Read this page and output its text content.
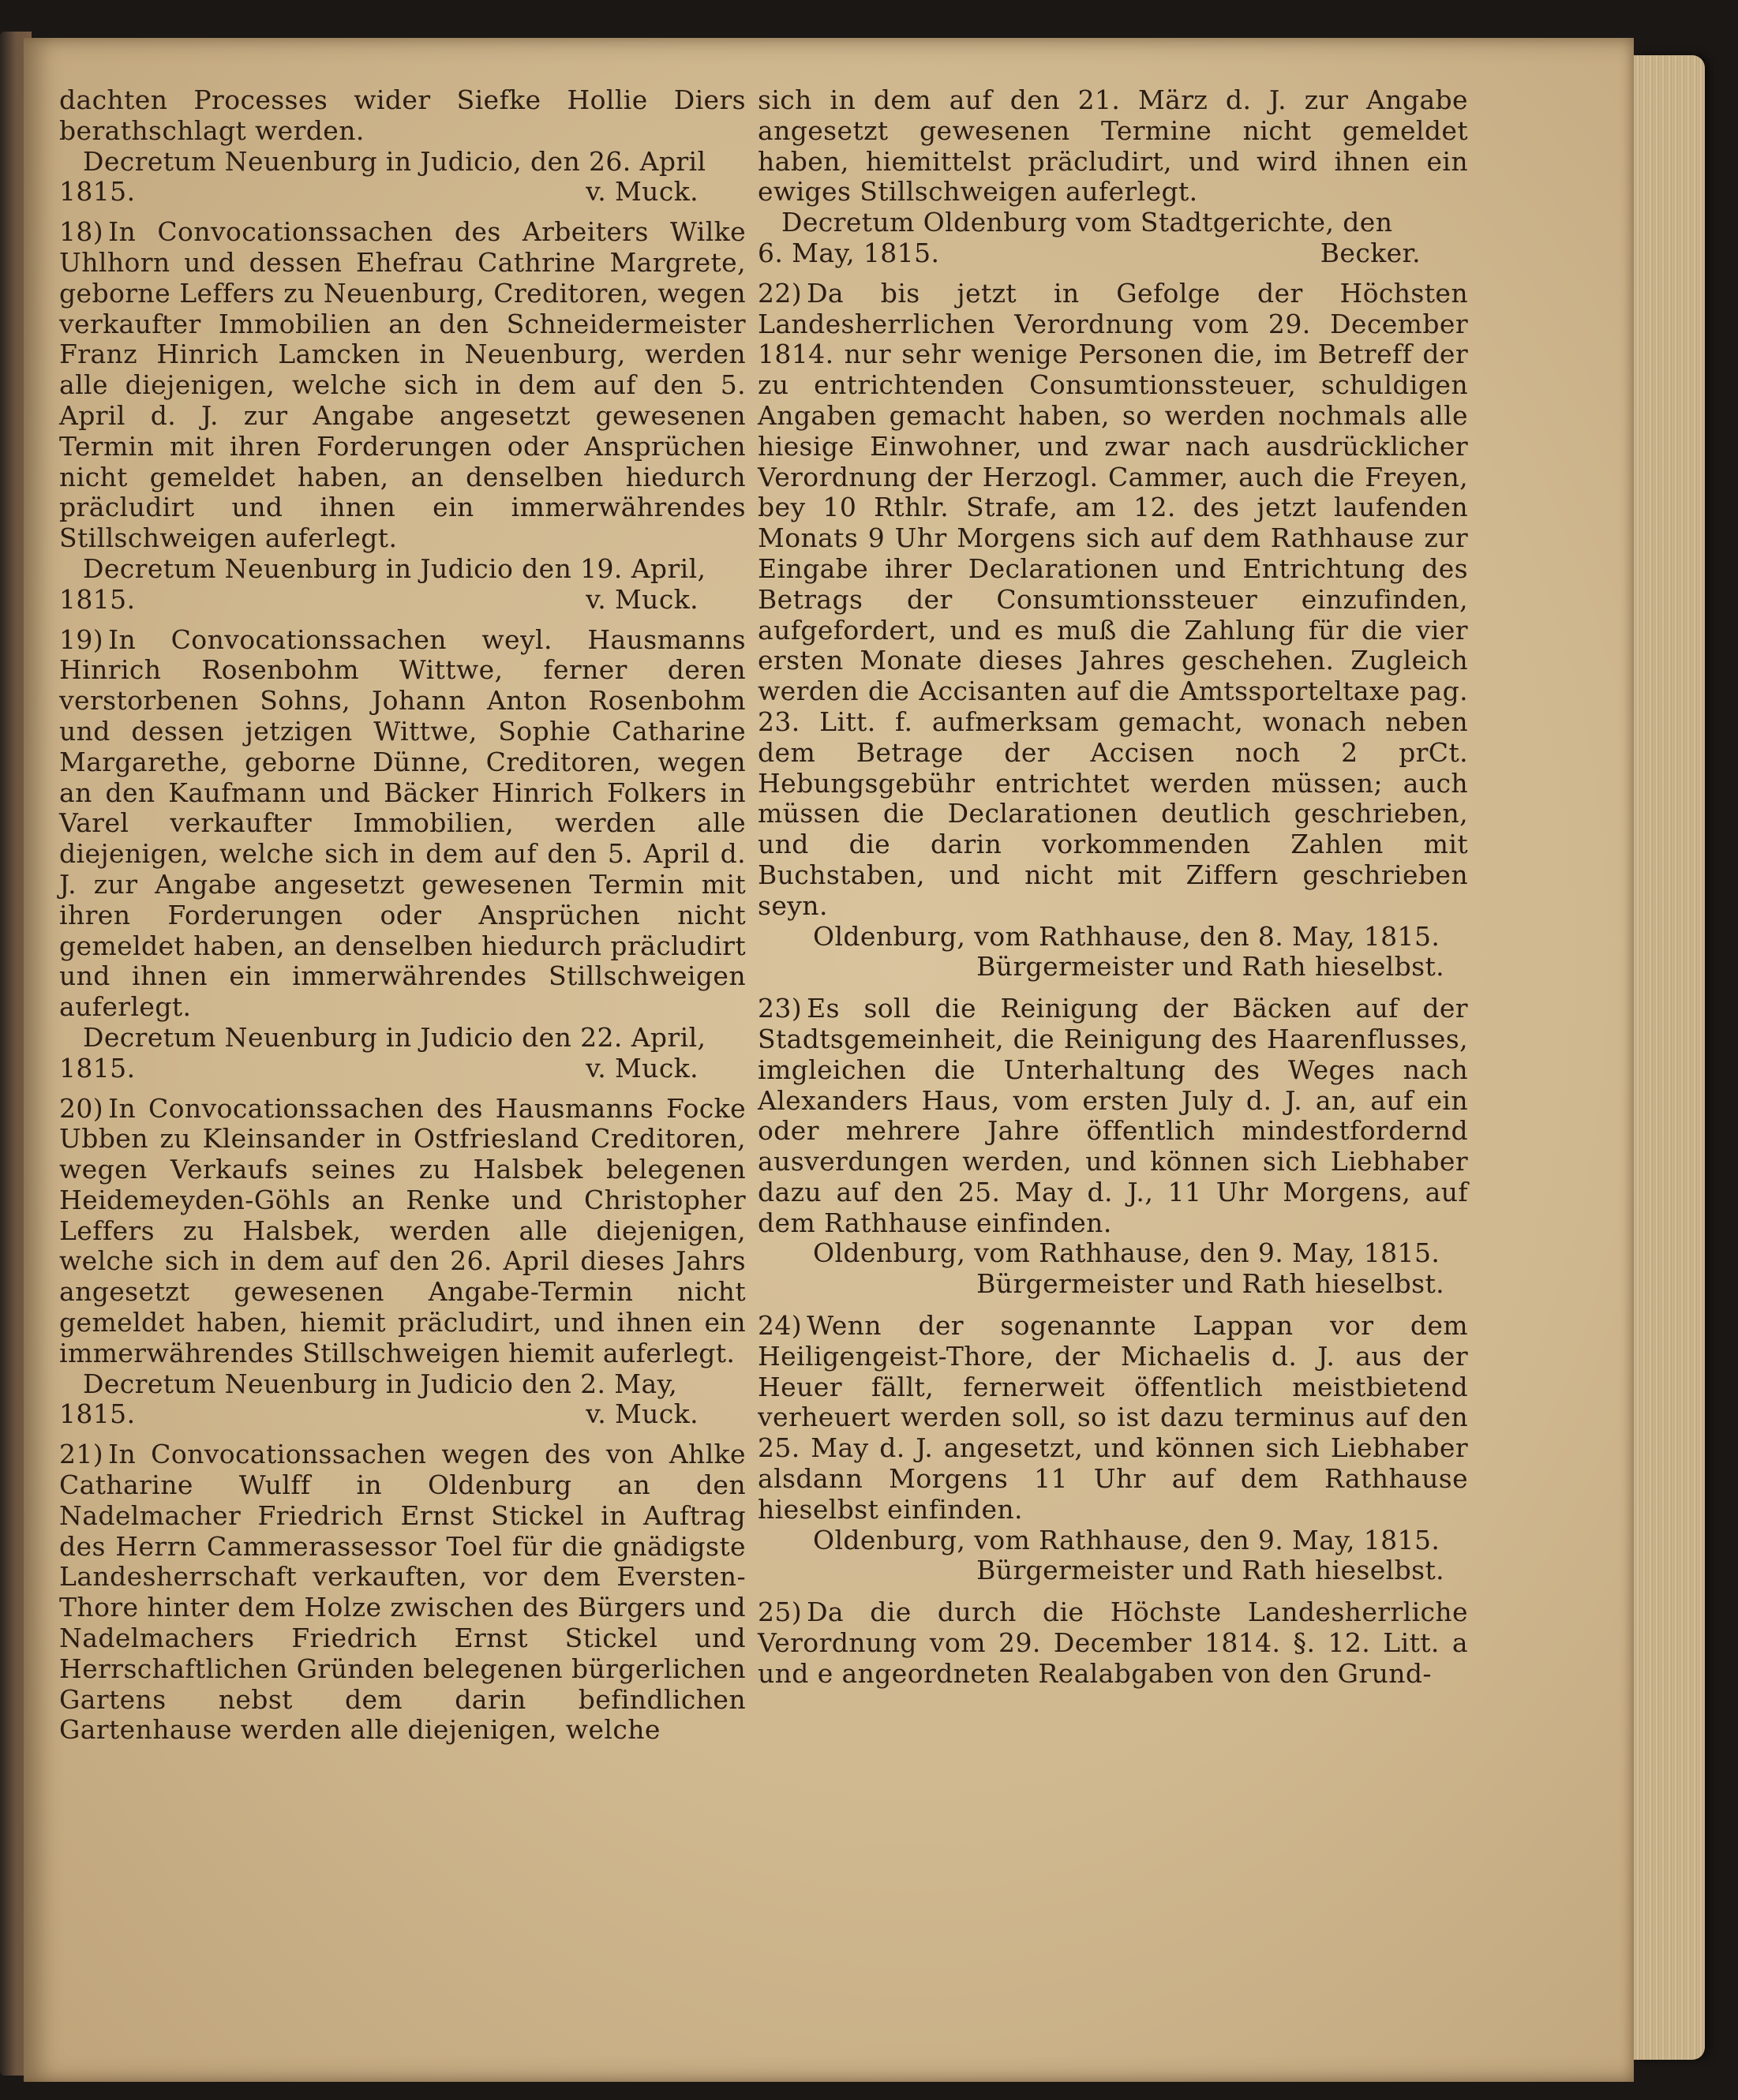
dachten Processes wider Siefke Hollie Diers berathschlagt werden.

Decretum Neuenburg in Judicio, den 26. April
1815.	v. Muck.
18) In Convocationssachen des Arbeiters Wilke Uhlhorn und dessen Ehefrau Cathrine Margrete, geborne Leffers zu Neuenburg, Creditoren, wegen verkaufter Immobilien an den Schneidermeister Franz Hinrich Lamcken in Neuenburg, werden alle diejenigen, welche sich in dem auf den 5. April d. J. zur Angabe angesetzt gewesenen Termin mit ihren Forderungen oder Ansprüchen nicht gemeldet haben, an denselben hiedurch präcludirt und ihnen ein immerwährendes Stillschweigen auferlegt.
Decretum Neuenburg in Judicio den 19. April,
1815.	v. Muck.
19) In Convocationssachen weyl. Hausmanns Hinrich Rosenbohm Wittwe, ferner deren verstorbenen Sohns, Johann Anton Rosenbohm und dessen jetzigen Wittwe, Sophie Catharine Margarethe, geborne Dünne, Creditoren, wegen an den Kaufmann und Bäcker Hinrich Folkers in Varel verkaufter Immobilien, werden alle diejenigen, welche sich in dem auf den 5. April d. J. zur Angabe angesetzt gewesenen Termin mit ihren Forderungen oder Ansprüchen nicht gemeldet haben, an denselben hiedurch präcludirt und ihnen ein immerwährendes Stillschweigen auferlegt.
Decretum Neuenburg in Judicio den 22. April,
1815.	v. Muck.
20) In Convocationssachen des Hausmanns Focke Ubben zu Kleinsander in Ostfriesland Creditoren, wegen Verkaufs seines zu Halsbek belegenen Heidemeyden-Göhls an Renke und Christopher Leffers zu Halsbek, werden alle diejenigen, welche sich in dem auf den 26. April dieses Jahrs angesetzt gewesenen Angabe-Termin nicht gemeldet haben, hiemit präcludirt, und ihnen ein immerwährendes Stillschweigen hiemit auferlegt.
Decretum Neuenburg in Judicio den 2. May,
1815.	v. Muck.
21) In Convocationssachen wegen des von Ahlke Catharine Wulff in Oldenburg an den Nadelmacher Friedrich Ernst Stickel in Auftrag des Herrn Cammerassessor Toel für die gnädigste Landesherrschaft verkauften, vor dem Eversten-Thore hinter dem Holze zwischen des Bürgers und Nadelmachers Friedrich Ernst Stickel und Herrschaftlichen Gründen belegenen bürgerlichen Gartens nebst dem darin befindlichen Gartenhause werden alle diejenigen, welche

sich in dem auf den 21. März d. J. zur Angabe angesetzt gewesenen Termine nicht gemeldet haben, hiemittelst präcludirt, und wird ihnen ein ewiges Stillschweigen auferlegt.

Decretum Oldenburg vom Stadtgerichte, den
6. May, 1815.	Becker.
22) Da bis jetzt in Gefolge der Höchsten Landesherrlichen Verordnung vom 29. December 1814. nur sehr wenige Personen die, im Betreff der zu entrichtenden Consumtionssteuer, schuldigen Angaben gemacht haben, so werden nochmals alle hiesige Einwohner, und zwar nach ausdrücklicher Verordnung der Herzogl. Cammer, auch die Freyen, bey 10 Rthlr. Strafe, am 12. des jetzt laufenden Monats 9 Uhr Morgens sich auf dem Rathhause zur Eingabe ihrer Declarationen und Entrichtung des Betrags der Consumtionssteuer einzufinden, aufgefordert, und es muß die Zahlung für die vier ersten Monate dieses Jahres geschehen. Zugleich werden die Accisanten auf die Amtssporteltaxe pag. 23. Litt. f. aufmerksam gemacht, wonach neben dem Betrage der Accisen noch 2 prCt. Hebungsgebühr entrichtet werden müssen; auch müssen die Declarationen deutlich geschrieben, und die darin vorkommenden Zahlen mit Buchstaben, und nicht mit Ziffern geschrieben seyn.
Oldenburg, vom Rathhause, den 8. May, 1815.
Bürgermeister und Rath hieselbst.
23) Es soll die Reinigung der Bäcken auf der Stadtsgemeinheit, die Reinigung des Haarenflusses, imgleichen die Unterhaltung des Weges nach Alexanders Haus, vom ersten July d. J. an, auf ein oder mehrere Jahre öffentlich mindestfordernd ausverdungen werden, und können sich Liebhaber dazu auf den 25. May d. J., 11 Uhr Morgens, auf dem Rathhause einfinden.
Oldenburg, vom Rathhause, den 9. May, 1815.
Bürgermeister und Rath hieselbst.
24) Wenn der sogenannte Lappan vor dem Heiligengeist-Thore, der Michaelis d. J. aus der Heuer fällt, fernerweit öffentlich meistbietend verheuert werden soll, so ist dazu terminus auf den 25. May d. J. angesetzt, und können sich Liebhaber alsdann Morgens 11 Uhr auf dem Rathhause hieselbst einfinden.
Oldenburg, vom Rathhause, den 9. May, 1815.
Bürgermeister und Rath hieselbst.
25) Da die durch die Höchste Landesherrliche Verordnung vom 29. December 1814. §. 12. Litt. a und e angeordneten Realabgaben von den Grund-
